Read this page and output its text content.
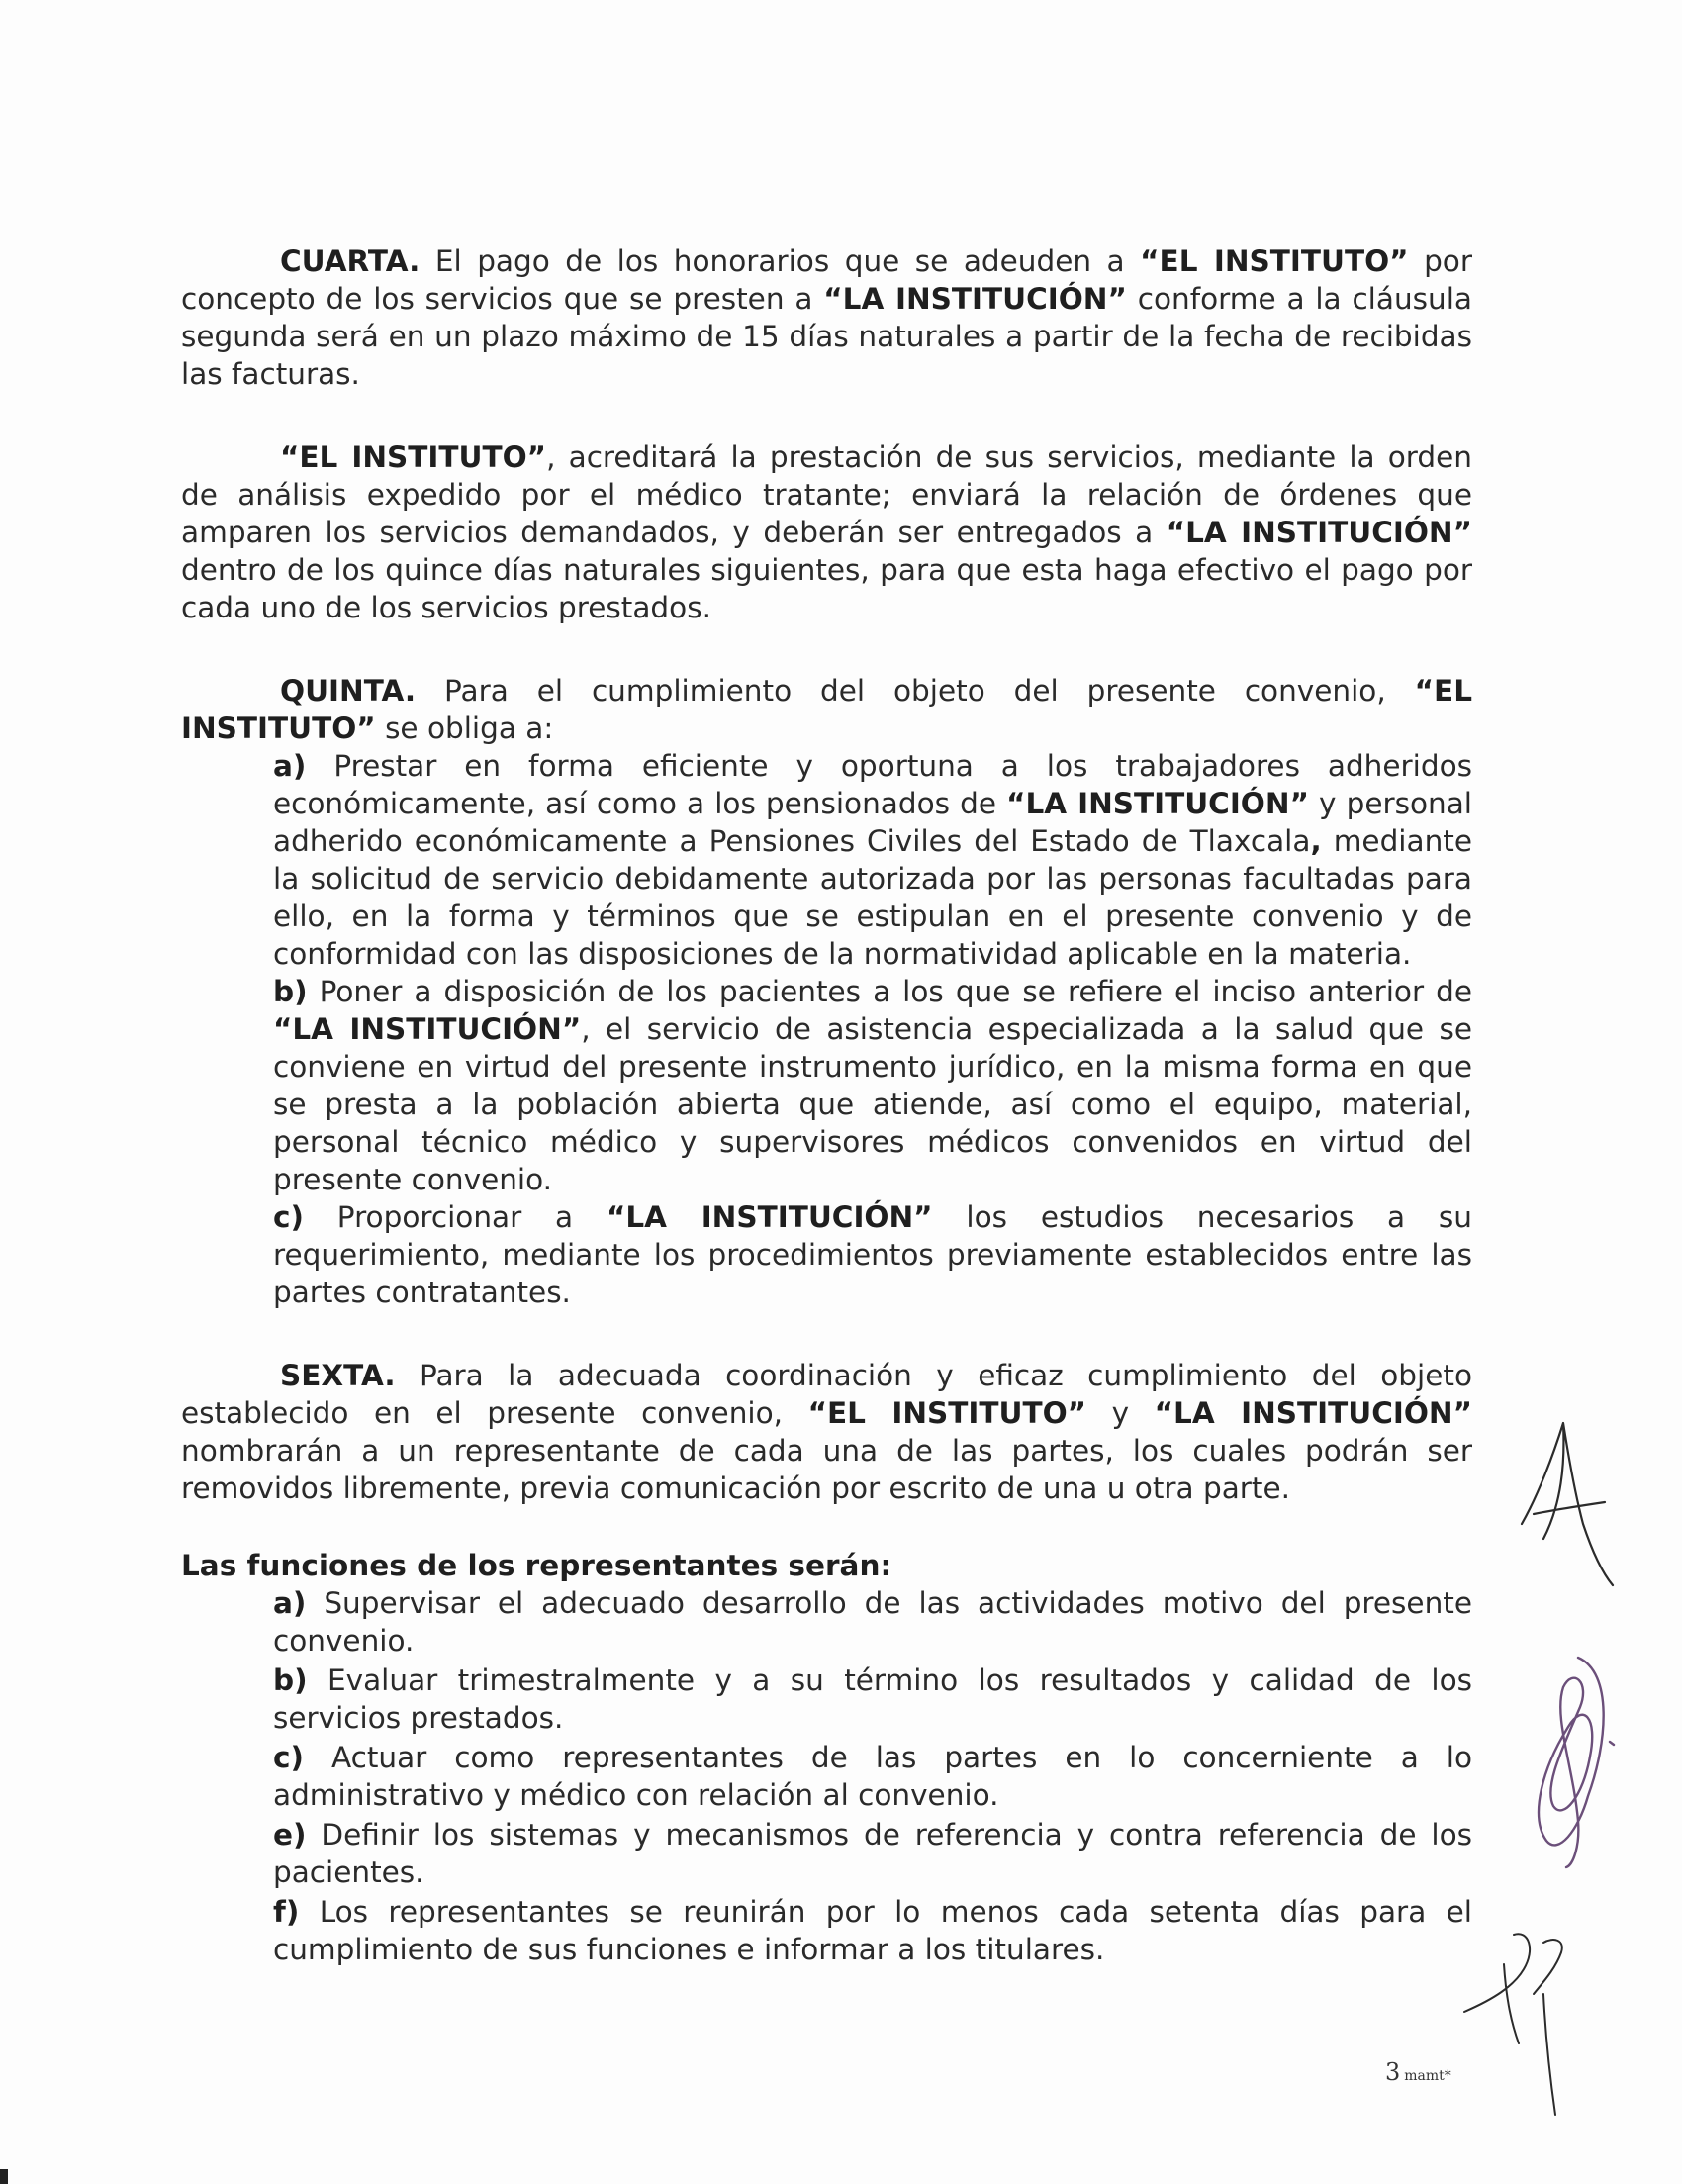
CUARTA. El pago de los honorarios que se adeuden a “EL INSTITUTO” por concepto de los servicios que se presten a “LA INSTITUCIÓN” conforme a la cláusula segunda será en un plazo máximo de 15 días naturales a partir de la fecha de recibidas las facturas.

“EL INSTITUTO”, acreditará la prestación de sus servicios, mediante la orden de análisis expedido por el médico tratante; enviará la relación de órdenes que amparen los servicios demandados, y deberán ser entregados a “LA INSTITUCIÓN” dentro de los quince días naturales siguientes, para que esta haga efectivo el pago por cada uno de los servicios prestados.

QUINTA. Para el cumplimiento del objeto del presente convenio, “EL INSTITUTO” se obliga a:

a) Prestar en forma eficiente y oportuna a los trabajadores adheridos económicamente, así como a los pensionados de “LA INSTITUCIÓN” y personal adherido económicamente a Pensiones Civiles del Estado de Tlaxcala, mediante la solicitud de servicio debidamente autorizada por las personas facultadas para ello, en la forma y términos que se estipulan en el presente convenio y de conformidad con las disposiciones de la normatividad aplicable en la materia.

b) Poner a disposición de los pacientes a los que se refiere el inciso anterior de “LA INSTITUCIÓN”, el servicio de asistencia especializada a la salud que se conviene en virtud del presente instrumento jurídico, en la misma forma en que se presta a la población abierta que atiende, así como el equipo, material, personal técnico médico y supervisores médicos convenidos en virtud del presente convenio.

c) Proporcionar a “LA INSTITUCIÓN” los estudios necesarios a su requerimiento, mediante los procedimientos previamente establecidos entre las partes contratantes.

SEXTA. Para la adecuada coordinación y eficaz cumplimiento del objeto establecido en el presente convenio, “EL INSTITUTO” y “LA INSTITUCIÓN” nombrarán a un representante de cada una de las partes, los cuales podrán ser removidos libremente, previa comunicación por escrito de una u otra parte.

Las funciones de los representantes serán:

a) Supervisar el adecuado desarrollo de las actividades motivo del presente convenio.

b) Evaluar trimestralmente y a su término los resultados y calidad de los servicios prestados.

c) Actuar como representantes de las partes en lo concerniente a lo administrativo y médico con relación al convenio.

e) Definir los sistemas y mecanismos de referencia y contra referencia de los pacientes.

f) Los representantes se reunirán por lo menos cada setenta días para el cumplimiento de sus funciones e informar a los titulares.

3 mamt*
